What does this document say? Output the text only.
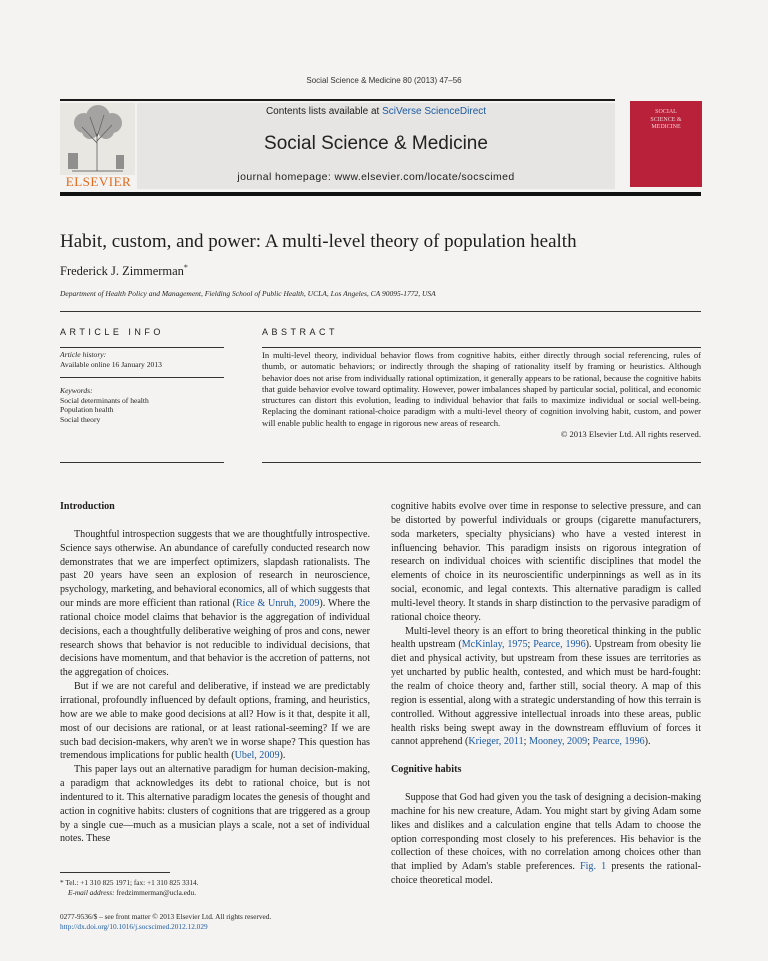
Social Science & Medicine 80 (2013) 47–56
ELSEVIER
Contents lists available at SciVerse ScienceDirect
Social Science & Medicine
journal homepage: www.elsevier.com/locate/socscimed
SOCIAL SCIENCE & MEDICINE
Habit, custom, and power: A multi-level theory of population health
Frederick J. Zimmerman*
Department of Health Policy and Management, Fielding School of Public Health, UCLA, Los Angeles, CA 90095-1772, USA
ARTICLE INFO
Article history:
Available online 16 January 2013
Keywords:
Social determinants of health
Population health
Social theory
ABSTRACT
In multi-level theory, individual behavior flows from cognitive habits, either directly through social referencing, rules of thumb, or automatic behaviors; or indirectly through the shaping of rationality itself by framing or heuristics. Although behavior does not arise from individually rational optimization, it generally appears to be rational, because the cognitive habits that guide behavior evolve toward optimality. However, power imbalances shaped by particular social, political, and economic structures can distort this evolution, leading to individual behavior that fails to maximize individual or social well-being. Replacing the dominant rational-choice paradigm with a multi-level theory of cognition involving habit, custom, and power will enable public health to engage in rigorous new areas of research.
© 2013 Elsevier Ltd. All rights reserved.
Introduction

Thoughtful introspection suggests that we are thoughtfully introspective. Science says otherwise. An abundance of carefully conducted research now demonstrates that we are imperfect optimizers, slapdash rationalists. The past 20 years have seen an explosion of research in neuroscience, psychology, marketing, and behavioral economics, all of which suggests that our minds are more efficient than rational (Rice & Unruh, 2009). Where the rational choice model claims that behavior is the aggregation of individual decisions, each a thoughtfully deliberative weighing of pros and cons, newer research shows that behavior is not reducible to individual decisions, that decisions have momentum, and that behavior is the accretion of patterns, not the aggregation of choices.

But if we are not careful and deliberative, if instead we are predictably irrational, profoundly influenced by default options, framing, and heuristics, how are we able to make good decisions at all? How is it that, despite it all, most of our decisions are rational, or at least rational-seeming? If we are such bad decision-makers, why aren't we in worse shape? This question has tremendous implications for public health (Ubel, 2009).

This paper lays out an alternative paradigm for human decision-making, a paradigm that acknowledges its debt to rational choice, but is not indentured to it. This alternative paradigm locates the genesis of thought and action in cognitive habits: clusters of cognitions that are triggered as a group by a single cue—much as a musician plays a scale, not a set of individual notes. These

cognitive habits evolve over time in response to selective pressure, and can be distorted by powerful individuals or groups (cigarette manufacturers, soda marketers, specialty physicians) who have a vested interest in influencing behavior. This paradigm insists on rigorous integration of research on individual choices with scientific disciplines that model the elements of choice in its neuroscientific underpinnings as well as in its social, economic, and legal contexts. This alternative paradigm is called multi-level theory. It stands in sharp distinction to the pervasive paradigm of rational choice theory.

Multi-level theory is an effort to bring theoretical thinking in the public health upstream (McKinlay, 1975; Pearce, 1996). Upstream from obesity lie diet and physical activity, but upstream from these issues are territories as yet uncharted by public health, contested, and which must be hard-fought: the realm of choice theory and, farther still, social theory. A map of this region is essential, along with a strategic understanding of how this terrain is controlled. Without aggressive intellectual inroads into these areas, public health risks being swept away in the downstream effluvium of forces it cannot apprehend (Krieger, 2011; Mooney, 2009; Pearce, 1996).

Cognitive habits

Suppose that God had given you the task of designing a decision-making machine for his new creature, Adam. You might start by giving Adam some likes and dislikes and a calculation engine that tells Adam to choose the option corresponding most closely to his preferences. His behavior is the collection of these choices, with no correlation among choices other than that implied by Adam's stable preferences. Fig. 1 presents the rational-choice theoretical model.

* Tel.: +1 310 825 1971; fax: +1 310 825 3314.
E-mail address: fredzimmerman@ucla.edu.
0277-9536/$ – see front matter © 2013 Elsevier Ltd. All rights reserved.
http://dx.doi.org/10.1016/j.socscimed.2012.12.029
